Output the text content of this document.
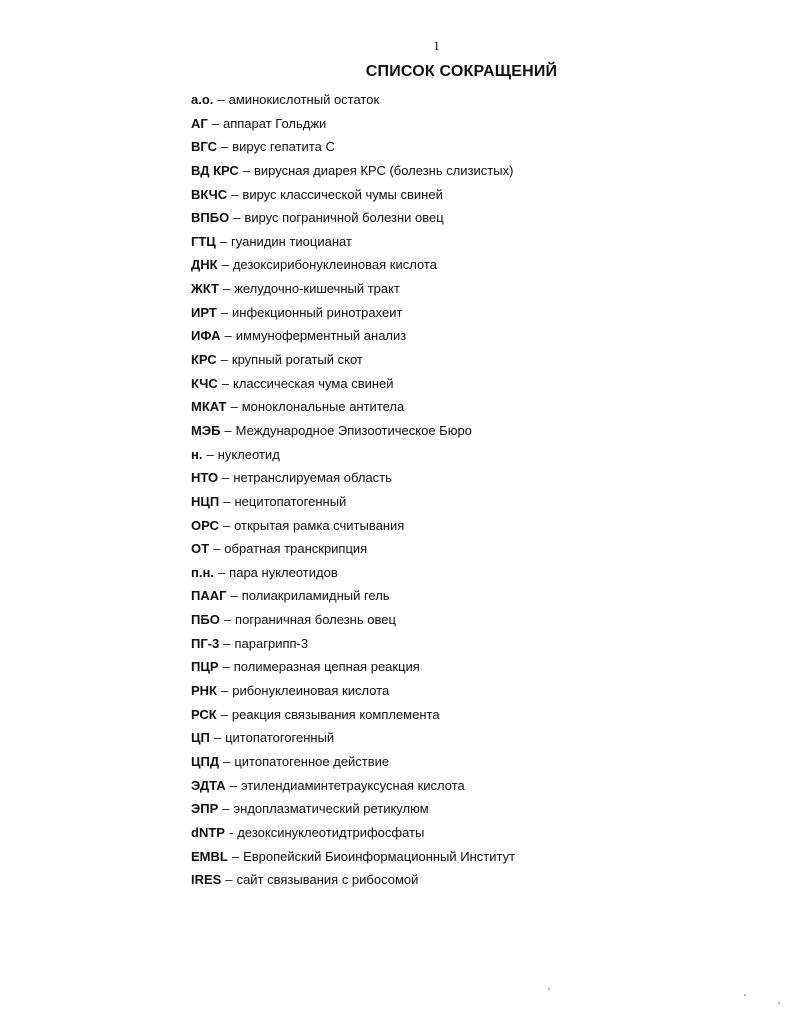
1
СПИСОК СОКРАЩЕНИЙ
а.о. – аминокислотный остаток
АГ – аппарат Гольджи
ВГС – вирус гепатита С
ВД КРС – вирусная диарея КРС (болезнь слизистых)
ВКЧС – вирус классической чумы свиней
ВПБО – вирус пограничной болезни овец
ГТЦ – гуанидин тиоцианат
ДНК – дезоксирибонуклеиновая кислота
ЖКТ – желудочно-кишечный тракт
ИРТ – инфекционный ринотрахеит
ИФА – иммуноферментный анализ
КРС – крупный рогатый скот
КЧС – классическая чума свиней
МКАТ – моноклональные антитела
МЭБ – Международное Эпизоотическое Бюро
н. – нуклеотид
НТО – нетранслируемая область
НЦП – нецитопатогенный
ОРС – открытая рамка считывания
ОТ – обратная транскрипция
п.н. – пара нуклеотидов
ПААГ – полиакриламидный гель
ПБО – пограничная болезнь овец
ПГ-3 – парагрипп-3
ПЦР – полимеразная цепная реакция
РНК – рибонуклеиновая кислота
РСК – реакция связывания комплемента
ЦП – цитопатогогенный
ЦПД – цитопатогенное действие
ЭДТА – этилендиаминтетрауксусная кислота
ЭПР – эндоплазматический ретикулюм
dNTP - дезоксинуклеотидтрифосфаты
EMBL – Европейский Биоинформационный Институт
IRES – сайт связывания с рибосомой
